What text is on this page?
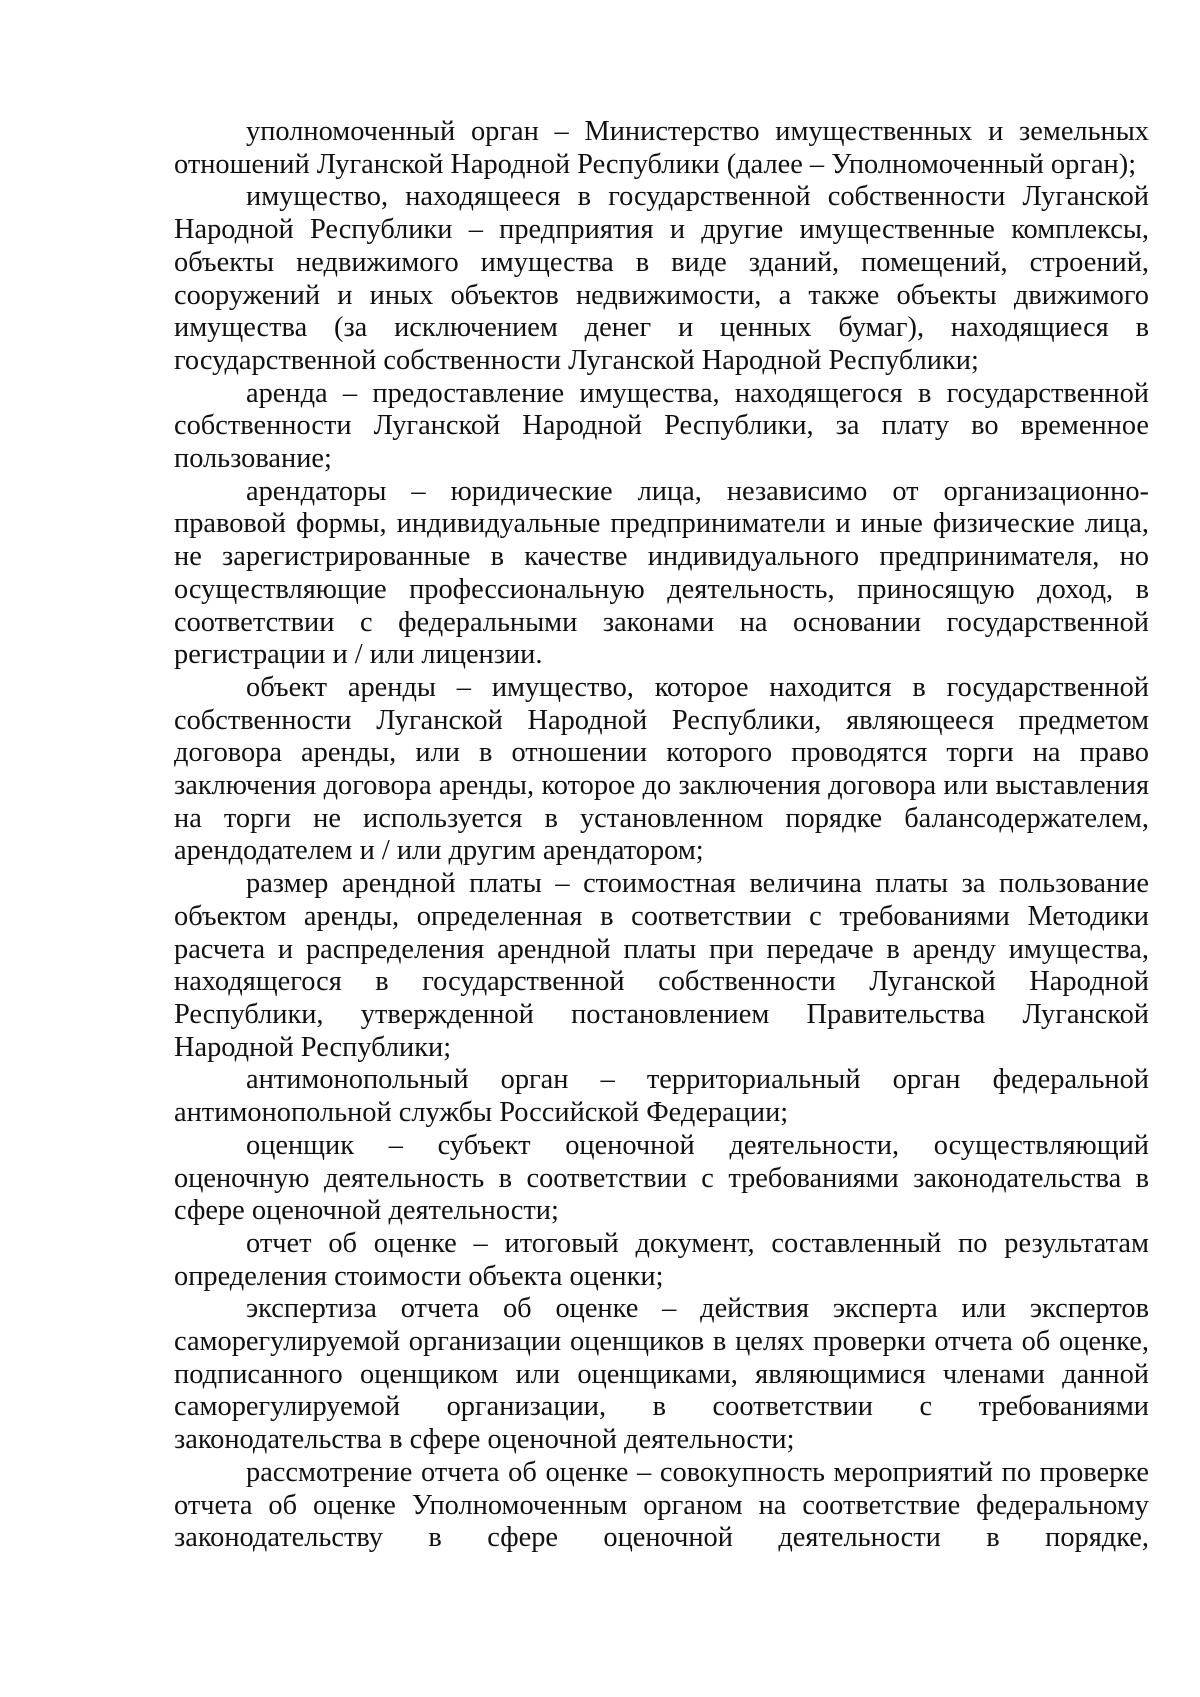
уполномоченный орган – Министерство имущественных и земельных отношений Луганской Народной Республики (далее – Уполномоченный орган);

имущество, находящееся в государственной собственности Луганской Народной Республики – предприятия и другие имущественные комплексы, объекты недвижимого имущества в виде зданий, помещений, строений, сооружений и иных объектов недвижимости, а также объекты движимого имущества (за исключением денег и ценных бумаг), находящиеся в государственной собственности Луганской Народной Республики;

аренда – предоставление имущества, находящегося в государственной собственности Луганской Народной Республики, за плату во временное пользование;

арендаторы – юридические лица, независимо от организационно-правовой формы, индивидуальные предприниматели и иные физические лица, не зарегистрированные в качестве индивидуального предпринимателя, но осуществляющие профессиональную деятельность, приносящую доход, в соответствии с федеральными законами на основании государственной регистрации и / или лицензии.

объект аренды – имущество, которое находится в государственной собственности Луганской Народной Республики, являющееся предметом договора аренды, или в отношении которого проводятся торги на право заключения договора аренды, которое до заключения договора или выставления на торги не используется в установленном порядке балансодержателем, арендодателем и / или другим арендатором;

размер арендной платы – стоимостная величина платы за пользование объектом аренды, определенная в соответствии с требованиями Методики расчета и распределения арендной платы при передаче в аренду имущества, находящегося в государственной собственности Луганской Народной Республики, утвержденной постановлением Правительства Луганской Народной Республики;

антимонопольный орган – территориальный орган федеральной антимонопольной службы Российской Федерации;

оценщик – субъект оценочной деятельности, осуществляющий оценочную деятельность в соответствии с требованиями законодательства в сфере оценочной деятельности;

отчет об оценке – итоговый документ, составленный по результатам определения стоимости объекта оценки;

экспертиза отчета об оценке – действия эксперта или экспертов саморегулируемой организации оценщиков в целях проверки отчета об оценке, подписанного оценщиком или оценщиками, являющимися членами данной саморегулируемой организации, в соответствии с требованиями законодательства в сфере оценочной деятельности;

рассмотрение отчета об оценке – совокупность мероприятий по проверке отчета об оценке Уполномоченным органом на соответствие федеральному законодательству в сфере оценочной деятельности в порядке,
